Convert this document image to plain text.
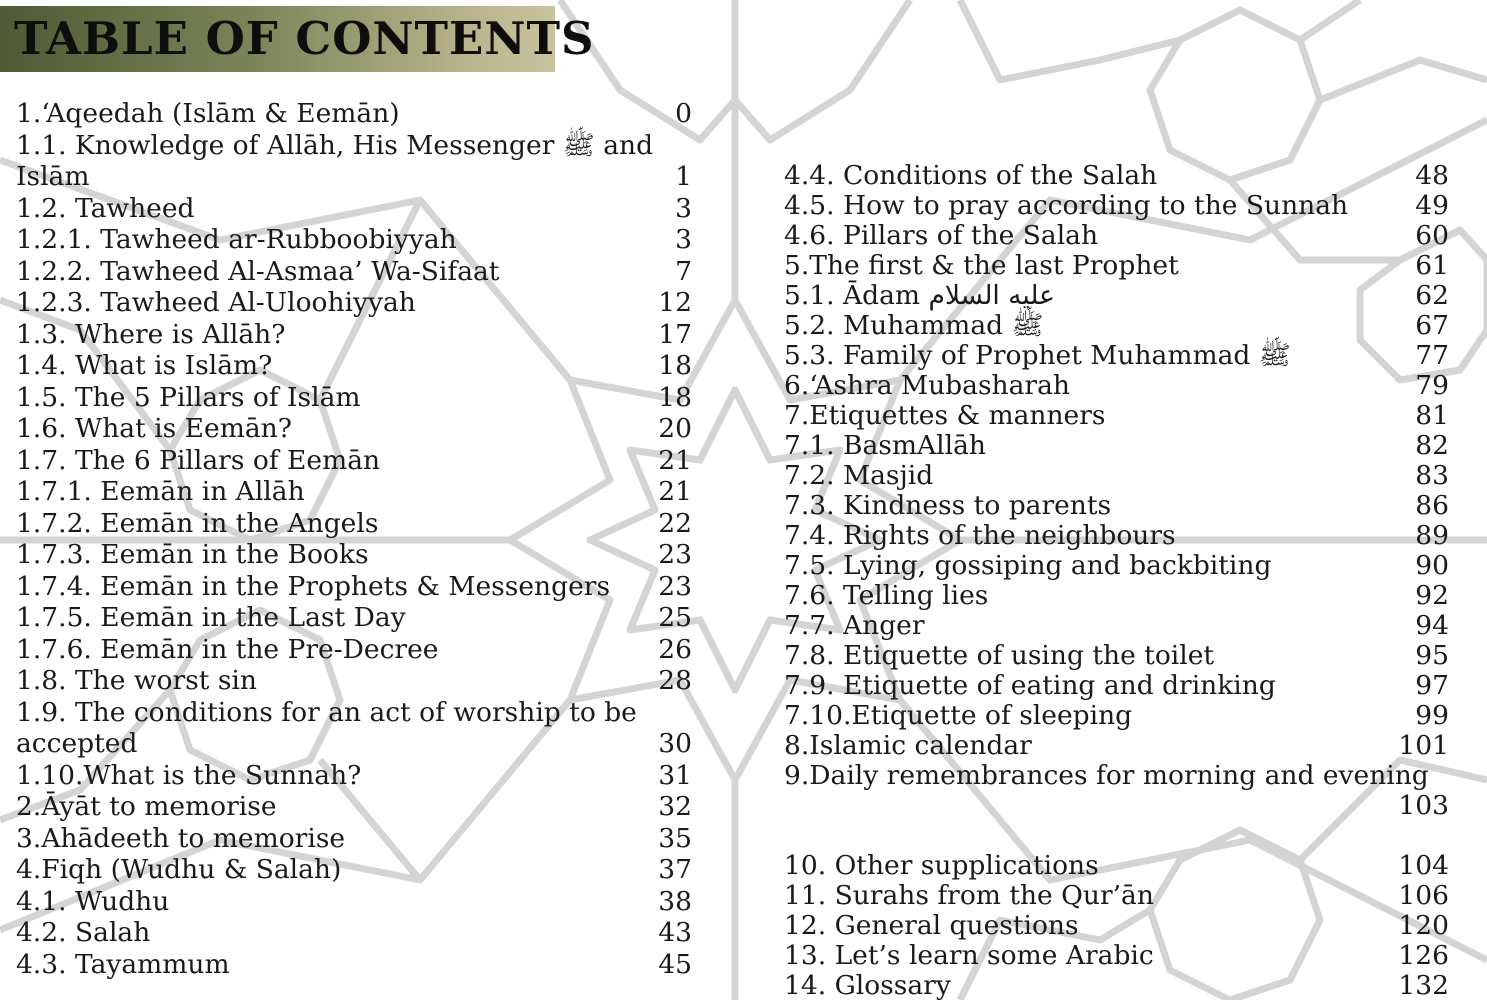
TABLE OF CONTENTS
1.‘Aqeedah (Islām & Eemān)	0
1.1. Knowledge of Allāh, His Messenger ﷺ and
Islām	1
1.2. Tawheed	3
1.2.1. Tawheed ar-Rubboobiyyah	3
1.2.2. Tawheed Al-Asmaa’ Wa-Sifaat	7
1.2.3. Tawheed Al-Uloohiyyah	12
1.3. Where is Allāh?	17
1.4. What is Islām?	18
1.5. The 5 Pillars of Islām	18
1.6. What is Eemān?	20
1.7. The 6 Pillars of Eemān	21
1.7.1. Eemān in Allāh	21
1.7.2. Eemān in the Angels	22
1.7.3. Eemān in the Books	23
1.7.4. Eemān in the Prophets & Messengers 23
1.7.5. Eemān in the Last Day	25
1.7.6. Eemān in the Pre-Decree	26
1.8. The worst sin	28
1.9. The conditions for an act of worship to be
accepted	30
1.10.What is the Sunnah?	31
2.Āyāt to memorise	32
3.Ahādeeth to memorise	35
4.Fiqh (Wudhu & Salah)	37
4.1. Wudhu	38
4.2. Salah	43
4.3. Tayammum	45
4.4. Conditions of the Salah	48
4.5. How to pray according to the Sunnah	49
4.6. Pillars of the Salah	60
5.The first & the last Prophet	61
5.1. Ādam عليه السلام	62
5.2. Muhammad ﷺ	67
5.3. Family of Prophet Muhammad ﷺ	77
6.‘Ashra Mubasharah	79
7.Etiquettes & manners	81
7.1. BasmAllāh	82
7.2. Masjid	83
7.3. Kindness to parents	86
7.4. Rights of the neighbours	89
7.5. Lying, gossiping and backbiting	90
7.6. Telling lies	92
7.7. Anger	94
7.8. Etiquette of using the toilet	95
7.9. Etiquette of eating and drinking	97
7.10.Etiquette of sleeping	99
8.Islamic calendar	101
9.Daily remembrances for morning and evening
103
10. Other supplications	104
11. Surahs from the Qur’ān	106
12. General questions	120
13. Let’s learn some Arabic	126
14. Glossary	132
